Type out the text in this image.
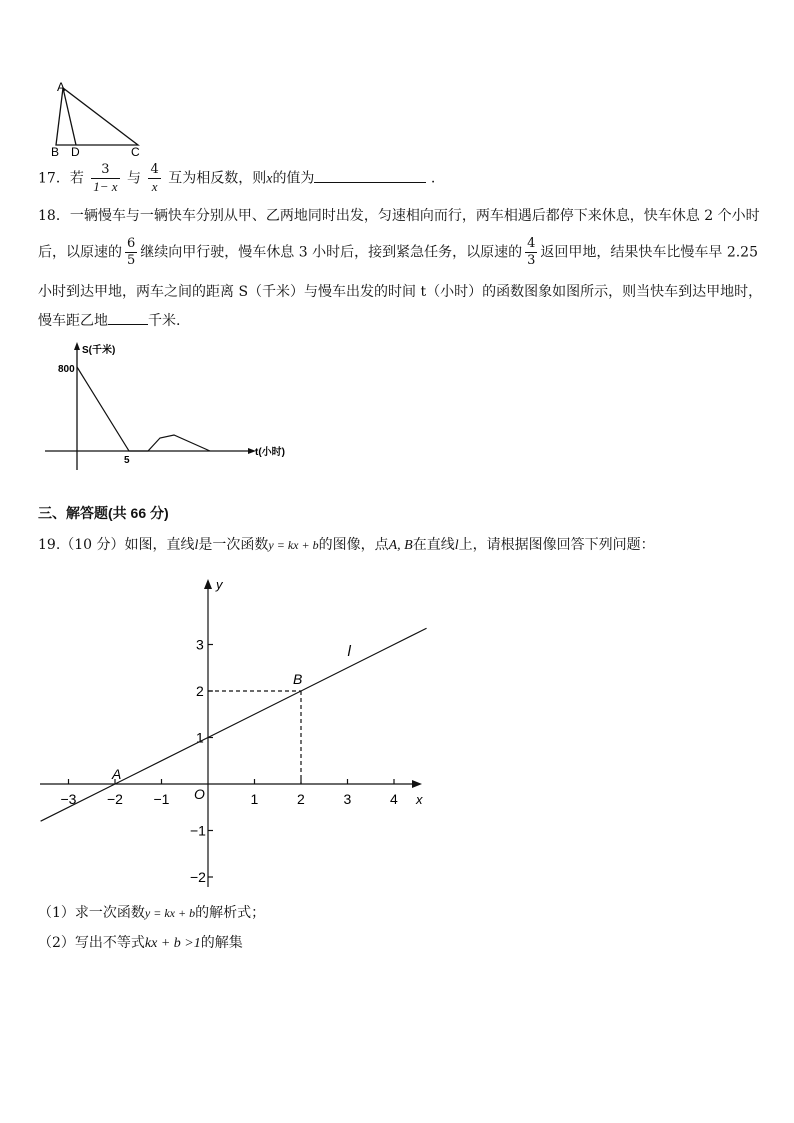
A
B D	C
17．若 $\frac{3}{1- x}$ 与 $\frac{4}{x}$ 互为相反数，则x的值为	.
18．一辆慢车与一辆快车分别从甲、乙两地同时出发，匀速相向而行，两车相遇后都停下来休息，快车休息 2 个小时
后，以原速的 $\frac{6}{5}$ 继续向甲行驶，慢车休息 3 小时后，接到紧急任务，以原速的 $\frac{4}{3}$ 返回甲地，结果快车比慢车早 2.25
小时到达甲地，两车之间的距离 S（千米）与慢车出发的时间 t（小时）的函数图象如图所示，则当快车到达甲地时，
慢车距乙地	千米.
S(千米)
t(小时)
800
5
三、解答题(共 66 分)
19.（10 分）如图，直线l是一次函数y = kx + b的图像，点A, B在直线l上，请根据图像回答下列问题：
−3 −2 −1	1	2	3	4
3
2
1
−1
−2
y
x
O
l
A
B
（1）求一次函数y = kx + b的解析式；
（2）写出不等式kx + b >1的解集
